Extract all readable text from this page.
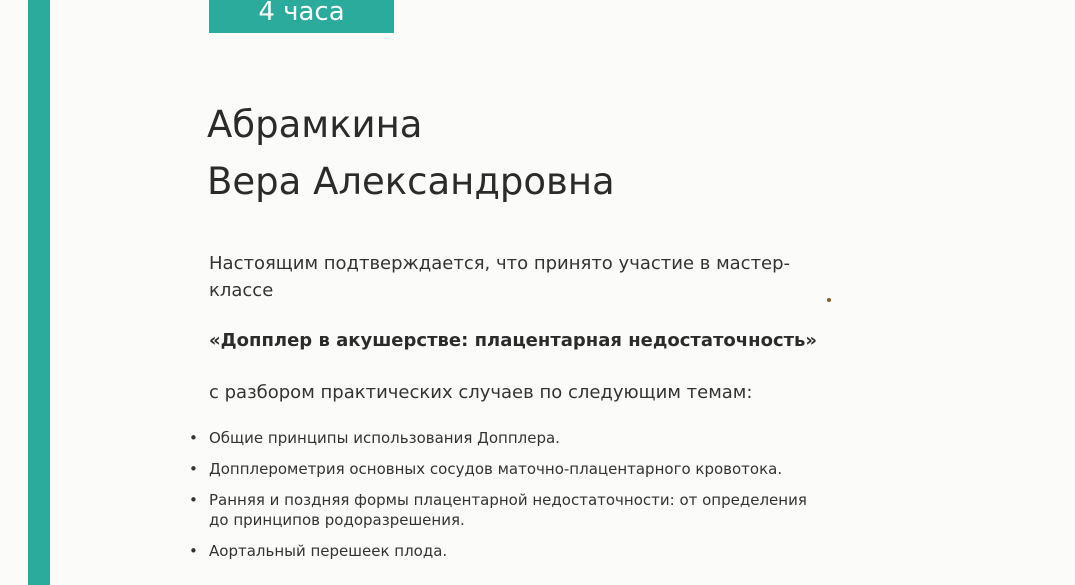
4 часа
Абрамкина
Вера Александровна
Настоящим подтверждается, что принято участие в мастер-
классе
«Допплер в акушерстве: плацентарная недостаточность»
с разбором практических случаев по следующим темам:
• Общие принципы использования Допплера.
• Допплерометрия основных сосудов маточно-плацентарного кровотока.
• Ранняя и поздняя формы плацентарной недостаточности: от определения
до принципов родоразрешения.
• Аортальный перешеек плода.
